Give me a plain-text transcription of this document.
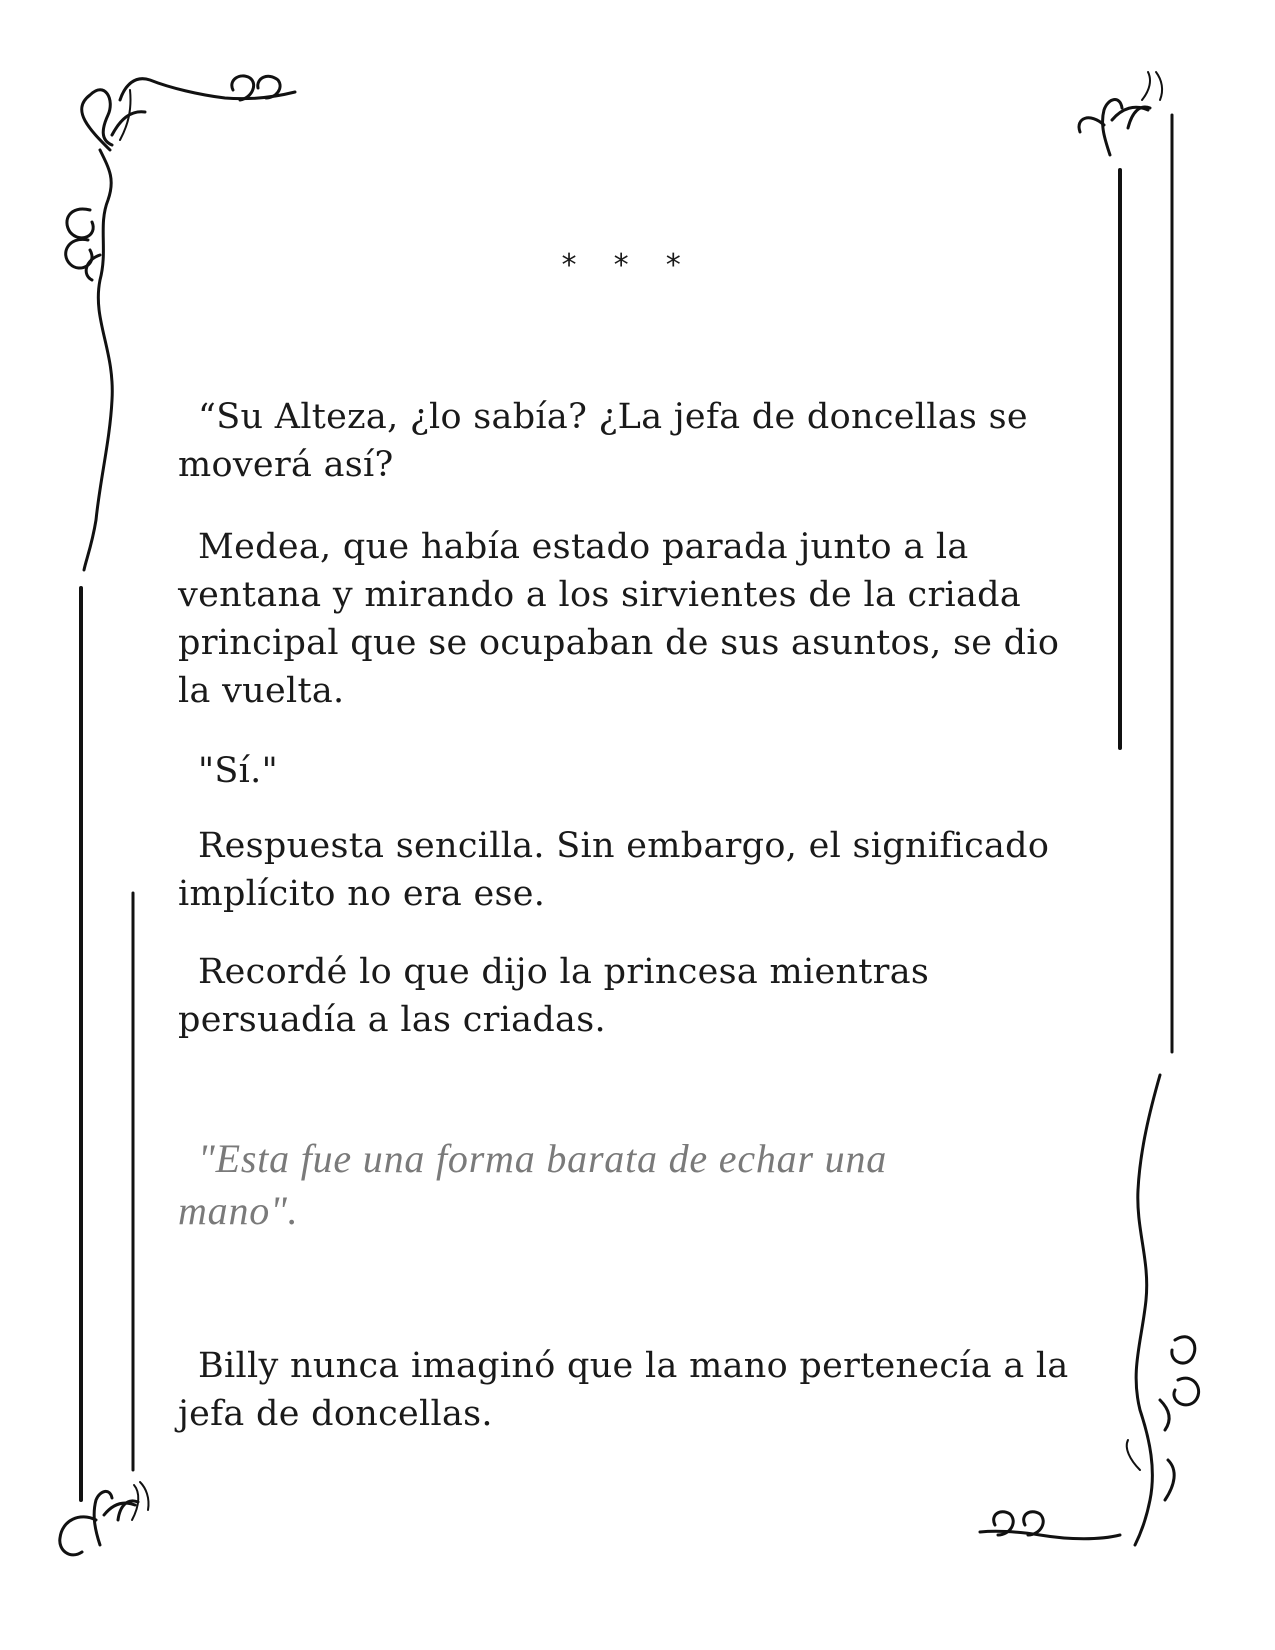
* * *

“Su Alteza, ¿lo sabía? ¿La jefa de doncellas se moverá así?

Medea, que había estado parada junto a la ventana y mirando a los sirvientes de la criada principal que se ocupaban de sus asuntos, se dio la vuelta.

"Sí."

Respuesta sencilla. Sin embargo, el significado implícito no era ese.

Recordé lo que dijo la princesa mientras persuadía a las criadas.

"Esta fue una forma barata de echar una mano".

Billy nunca imaginó que la mano pertenecía a la jefa de doncellas.
